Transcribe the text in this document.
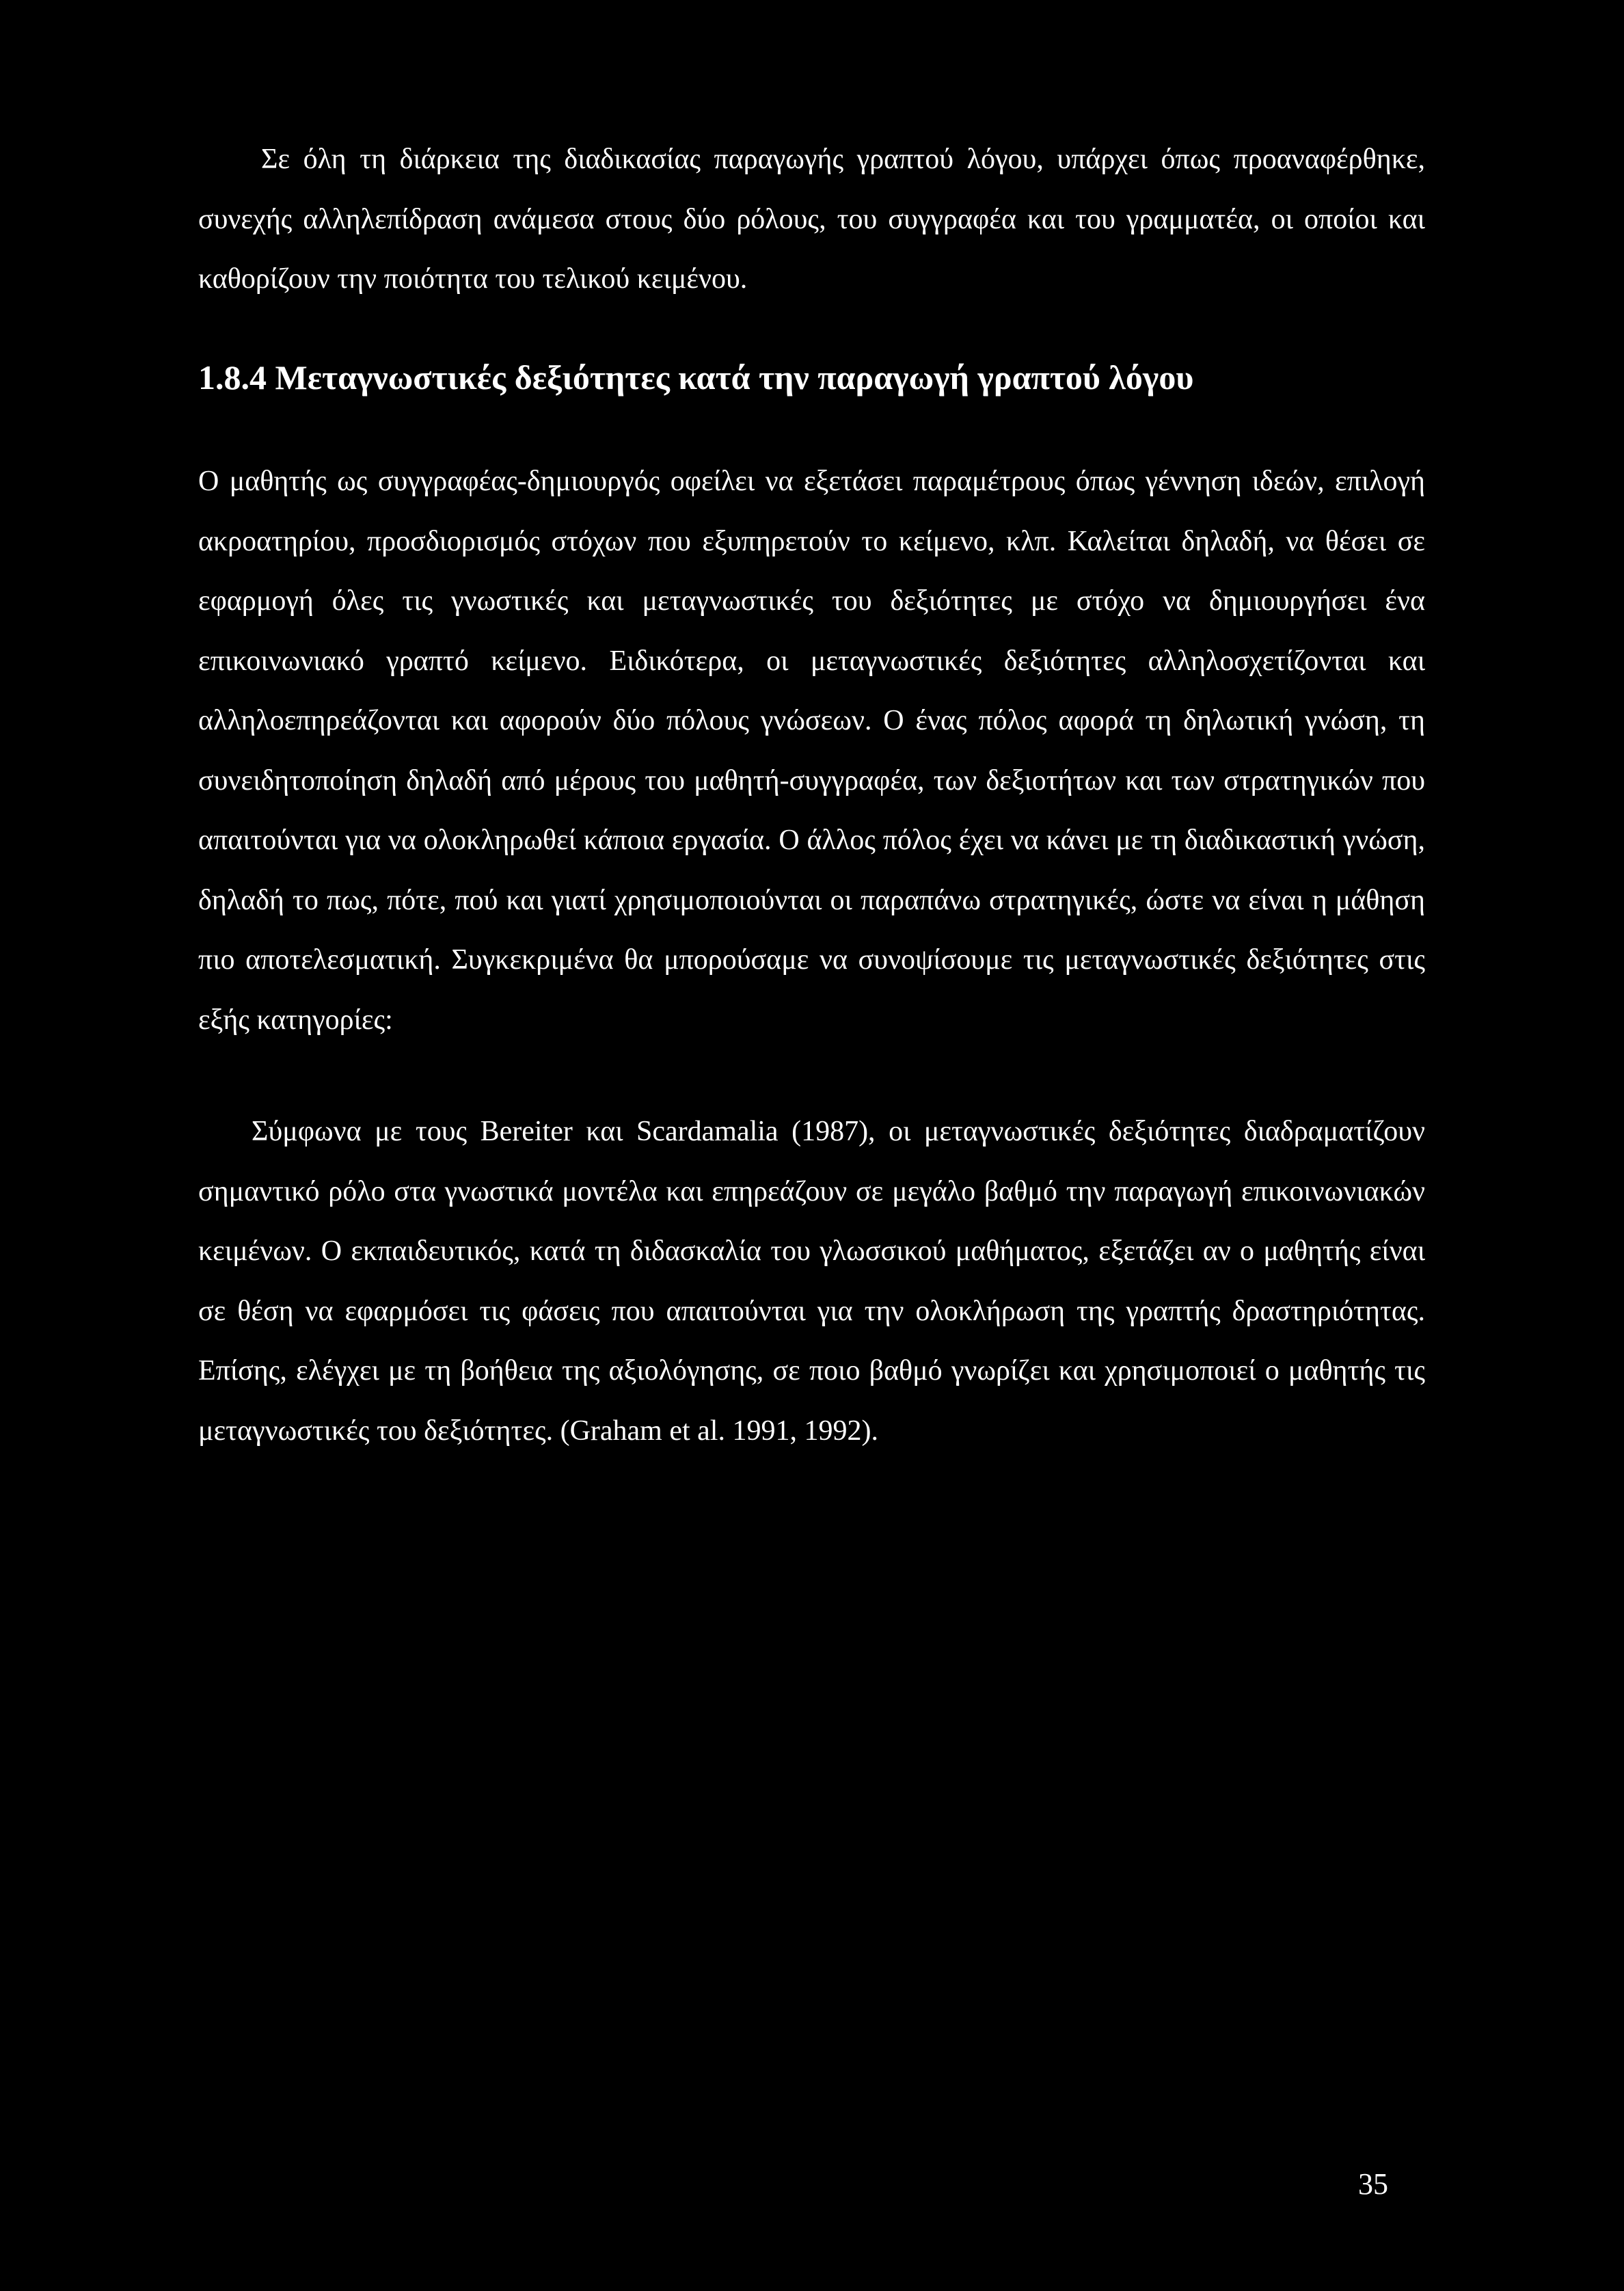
Σε όλη τη διάρκεια της διαδικασίας παραγωγής γραπτού λόγου, υπάρχει όπως προαναφέρθηκε, συνεχής αλληλεπίδραση ανάμεσα στους δύο ρόλους, του συγγραφέα και του γραμματέα, οι οποίοι και καθορίζουν την ποιότητα του τελικού κειμένου.

1.8.4 Μεταγνωστικές δεξιότητες κατά την παραγωγή γραπτού λόγου

Ο μαθητής ως συγγραφέας-δημιουργός οφείλει να εξετάσει παραμέτρους όπως γέννηση ιδεών, επιλογή ακροατηρίου, προσδιορισμός στόχων που εξυπηρετούν το κείμενο, κλπ. Καλείται δηλαδή, να θέσει σε εφαρμογή όλες τις γνωστικές και μεταγνωστικές του δεξιότητες με στόχο να δημιουργήσει ένα επικοινωνιακό γραπτό κείμενο. Ειδικότερα, οι μεταγνωστικές δεξιότητες αλληλοσχετίζονται και αλληλοεπηρεάζονται και αφορούν δύο πόλους γνώσεων. Ο ένας πόλος αφορά τη δηλωτική γνώση, τη συνειδητοποίηση δηλαδή από μέρους του μαθητή-συγγραφέα, των δεξιοτήτων και των στρατηγικών που απαιτούνται για να ολοκληρωθεί κάποια εργασία. Ο άλλος πόλος έχει να κάνει με τη διαδικαστική γνώση, δηλαδή το πως, πότε, πού και γιατί χρησιμοποιούνται οι παραπάνω στρατηγικές, ώστε να είναι η μάθηση πιο αποτελεσματική. Συγκεκριμένα θα μπορούσαμε να συνοψίσουμε τις μεταγνωστικές δεξιότητες στις εξής κατηγορίες:

Σύμφωνα με τους Bereiter και Scardamalia (1987), οι μεταγνωστικές δεξιότητες διαδραματίζουν σημαντικό ρόλο στα γνωστικά μοντέλα και επηρεάζουν σε μεγάλο βαθμό την παραγωγή επικοινωνιακών κειμένων. Ο εκπαιδευτικός, κατά τη διδασκαλία του γλωσσικού μαθήματος, εξετάζει αν ο μαθητής είναι σε θέση να εφαρμόσει τις φάσεις που απαιτούνται για την ολοκλήρωση της γραπτής δραστηριότητας. Επίσης, ελέγχει με τη βοήθεια της αξιολόγησης, σε ποιο βαθμό γνωρίζει και χρησιμοποιεί ο μαθητής τις μεταγνωστικές του δεξιότητες. (Graham et al. 1991, 1992).

35
